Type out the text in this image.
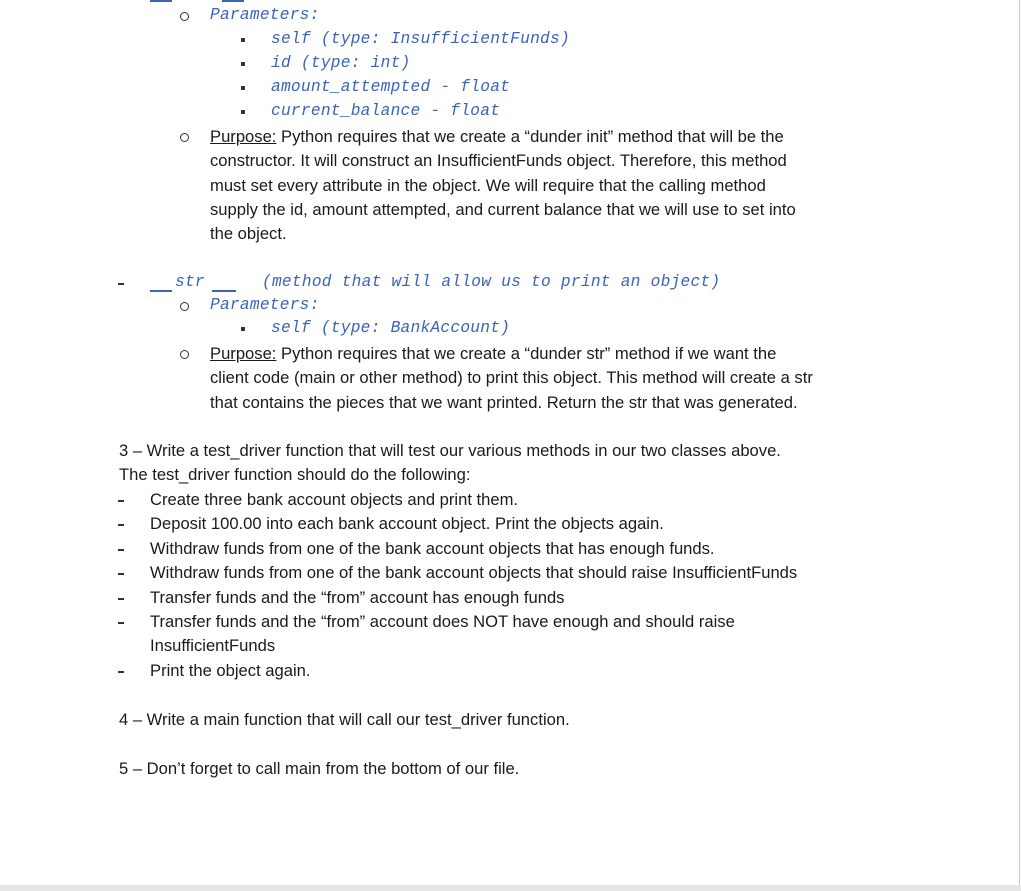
Parameters:
self (type: InsufficientFunds)
id (type: int)
amount_attempted - float
current_balance - float
Purpose: Python requires that we create a “dunder init” method that will be the
constructor. It will construct an InsufficientFunds object. Therefore, this method
must set every attribute in the object. We will require that the calling method
supply the id, amount attempted, and current balance that we will use to set into
the object.
str	(method that will allow us to print an object)
Parameters:
self (type: BankAccount)
Purpose: Python requires that we create a “dunder str” method if we want the
client code (main or other method) to print this object. This method will create a str
that contains the pieces that we want printed. Return the str that was generated.
3 – Write a test_driver function that will test our various methods in our two classes above.
The test_driver function should do the following:
Create three bank account objects and print them.
Deposit 100.00 into each bank account object. Print the objects again.
Withdraw funds from one of the bank account objects that has enough funds.
Withdraw funds from one of the bank account objects that should raise InsufficientFunds
Transfer funds and the “from” account has enough funds
Transfer funds and the “from” account does NOT have enough and should raise
InsufficientFunds
Print the object again.
4 – Write a main function that will call our test_driver function.
5 – Don’t forget to call main from the bottom of our file.
